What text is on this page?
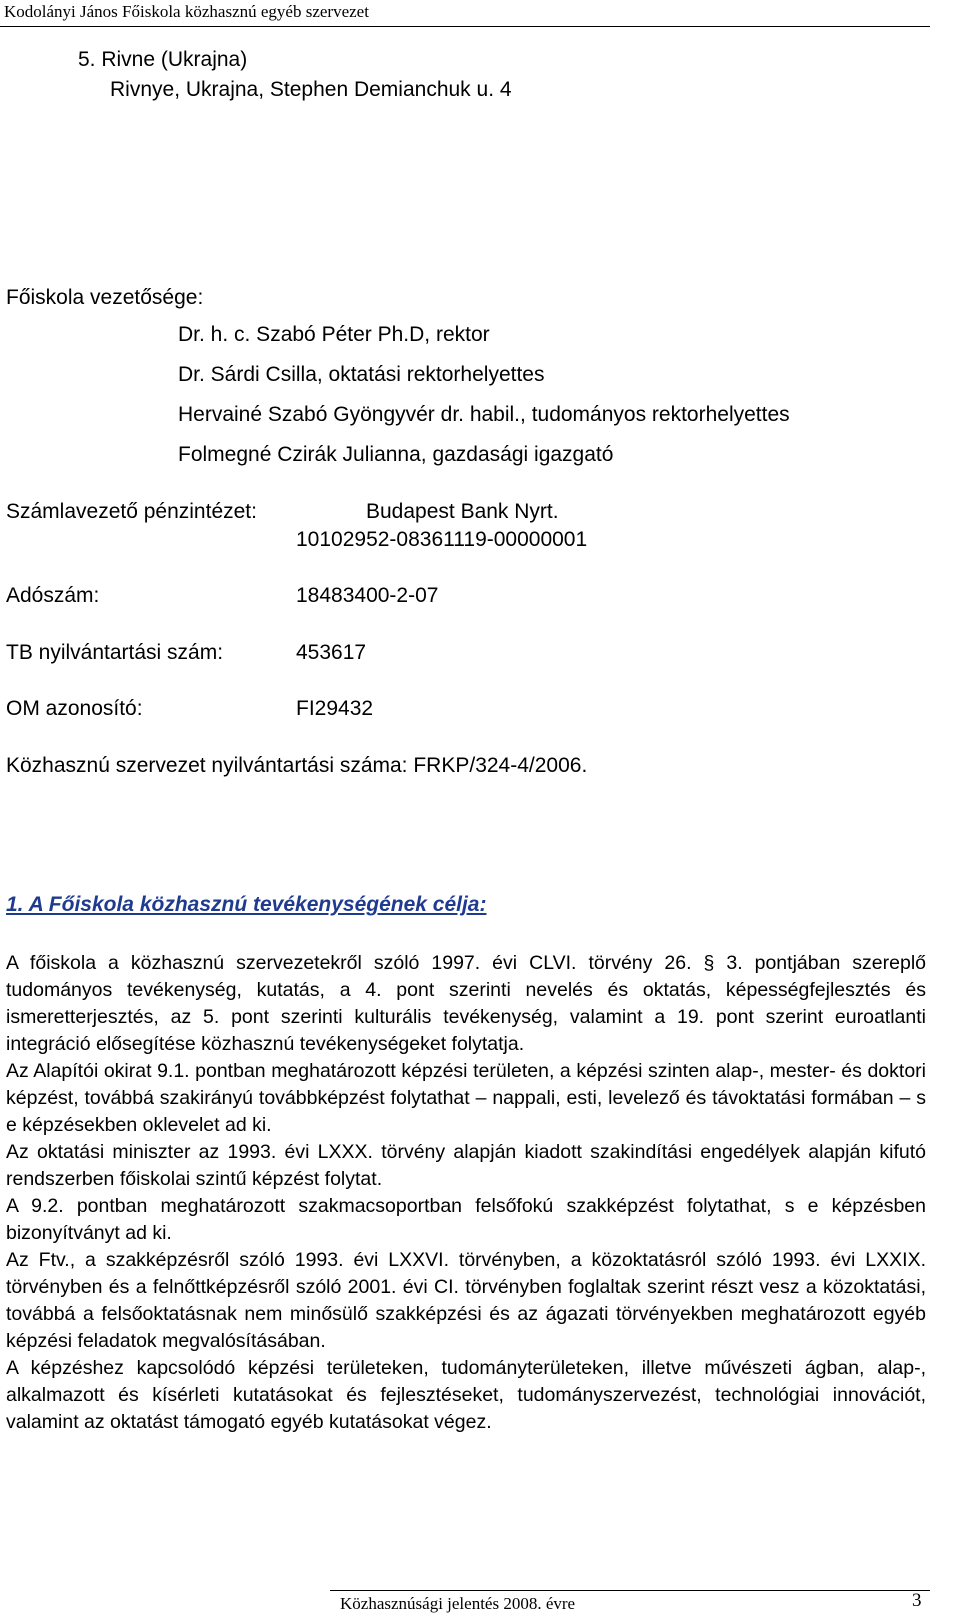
Kodolányi János Főiskola közhasznú egyéb szervezet
5. Rivne (Ukrajna)
Rivnye, Ukrajna, Stephen Demianchuk u. 4
Főiskola vezetősége:
Dr. h. c. Szabó Péter Ph.D, rektor
Dr. Sárdi Csilla, oktatási rektorhelyettes
Hervainé Szabó Gyöngyvér dr. habil., tudományos rektorhelyettes
Folmegné Czirák Julianna, gazdasági igazgató
Számlavezető pénzintézet:	Budapest Bank Nyrt.
10102952-08361119-00000001
Adószám:	18483400-2-07
TB nyilvántartási szám:	453617
OM azonosító:	FI29432
Közhasznú szervezet nyilvántartási száma: FRKP/324-4/2006.
1. A Főiskola közhasznú tevékenységének célja:

A főiskola a közhasznú szervezetekről szóló 1997. évi CLVI. törvény 26. § 3. pontjában szereplő tudományos tevékenység, kutatás, a 4. pont szerinti nevelés és oktatás, képességfejlesztés és ismeretterjesztés, az 5. pont szerinti kulturális tevékenység, valamint a 19. pont szerint euroatlanti integráció elősegítése közhasznú tevékenységeket folytatja.

Az Alapítói okirat 9.1. pontban meghatározott képzési területen, a képzési szinten alap-, mester- és doktori képzést, továbbá szakirányú továbbképzést folytathat – nappali, esti, levelező és távoktatási formában – s e képzésekben oklevelet ad ki.

Az oktatási miniszter az 1993. évi LXXX. törvény alapján kiadott szakindítási engedélyek alapján kifutó rendszerben főiskolai szintű képzést folytat.

A 9.2. pontban meghatározott szakmacsoportban felsőfokú szakképzést folytathat, s e képzésben bizonyítványt ad ki.

Az Ftv., a szakképzésről szóló 1993. évi LXXVI. törvényben, a közoktatásról szóló 1993. évi LXXIX. törvényben és a felnőttképzésről szóló 2001. évi CI. törvényben foglaltak szerint részt vesz a közoktatási, továbbá a felsőoktatásnak nem minősülő szakképzési és az ágazati törvényekben meghatározott egyéb képzési feladatok megvalósításában.

A képzéshez kapcsolódó képzési területeken, tudományterületeken, illetve művészeti ágban, alap-, alkalmazott és kísérleti kutatásokat és fejlesztéseket, tudományszervezést, technológiai innovációt, valamint az oktatást támogató egyéb kutatásokat végez.

Közhasznúsági jelentés 2008. évre	3
